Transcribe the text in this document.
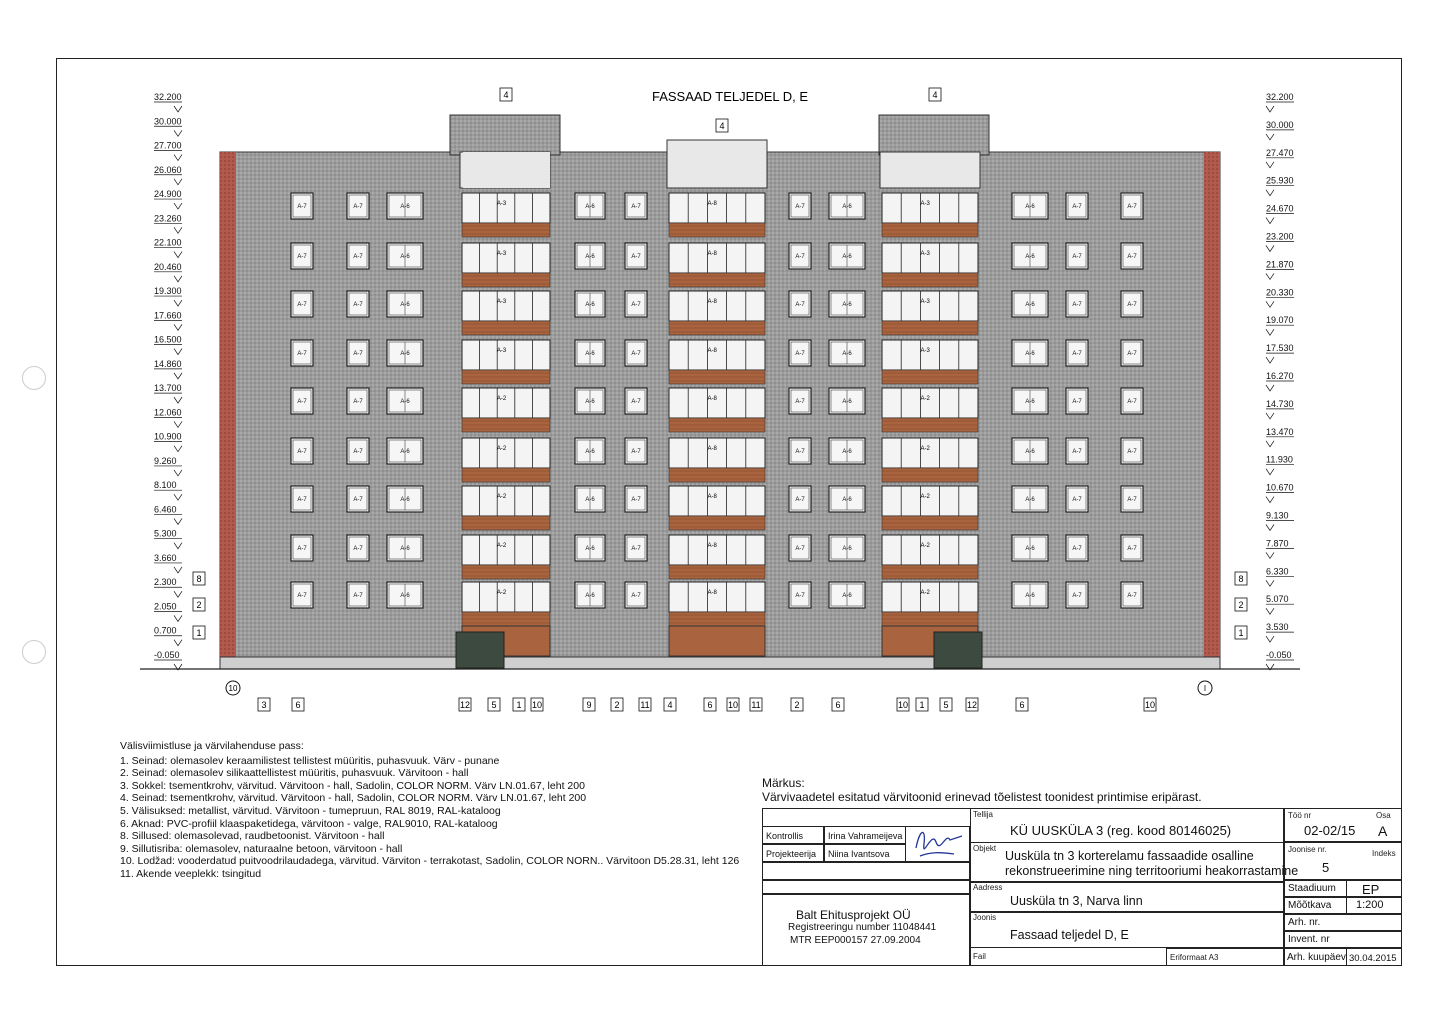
FASSAAD TELJEDEL D, E
A-7	A-7	A-6	A-6	A-7	A-7	A-6	A-6	A-7	A-7
A-3	A-8	A-3
A-7	A-7	A-6	A-6	A-7	A-7	A-6	A-6	A-7	A-7
A-3	A-8	A-3
A-7	A-7	A-6	A-6	A-7	A-7	A-6	A-6	A-7	A-7
A-3	A-8	A-3
A-7	A-7	A-6	A-6	A-7	A-7	A-6	A-6	A-7	A-7
A-3	A-8	A-3
A-7	A-7	A-6	A-6	A-7	A-7	A-6	A-6	A-7	A-7
A-2	A-8	A-2
A-7	A-7	A-6	A-6	A-7	A-7	A-6	A-6	A-7	A-7
A-2	A-8	A-2
A-7	A-7	A-6	A-6	A-7	A-7	A-6	A-6	A-7	A-7
A-2	A-8	A-2
A-7	A-7	A-6	A-6	A-7	A-7	A-6	A-6	A-7	A-7
A-2	A-8	A-2
A-7	A-7	A-6	A-6	A-7	A-7	A-6	A-6	A-7	A-7
A-2	A-8	A-2
32.200
30.000
27.700
26.060
24.900
23.260
22.100
20.460
19.300
17.660
16.500
14.860
13.700
12.060
10.900
9.260
8.100
6.460
5.300
3.660
2.300
2.050
0.700
-0.050
32.200
30.000
27.470
25.930
24.670
23.200
21.870
20.330
19.070
17.530
16.270
14.730
13.470
11.930
10.670
9.130
7.870
6.330
5.070
3.530
-0.050
4
4
4
8
2
1
8
2
1
3	6	12 5 1 10	9	2 11 4	6 10 11	2	6	10 1 5 12	6	10
10	I
Välisviimistluse ja värvilahenduse pass:
1. Seinad: olemasolev keraamilistest tellistest müüritis, puhasvuuk. Värv - punane
2. Seinad: olemasolev silikaattellistest müüritis, puhasvuuk. Värvitoon - hall
3. Sokkel: tsementkrohv, värvitud. Värvitoon - hall, Sadolin, COLOR NORM. Värv LN.01.67, leht 200
4. Seinad: tsementkrohv, värvitud. Värvitoon - hall, Sadolin, COLOR NORM. Värv LN.01.67, leht 200
5. Välisuksed: metallist, värvitud. Värvitoon - tumepruun, RAL 8019, RAL-kataloog
6. Aknad: PVC-profiil klaaspaketidega, värvitoon - valge, RAL9010, RAL-kataloog
8. Sillused: olemasolevad, raudbetoonist. Värvitoon - hall
9. Sillutisriba: olemasolev, naturaalne betoon, värvitoon - hall
10. Lodžad: vooderdatud puitvoodrilaudadega, värvitud. Värviton - terrakotast, Sadolin, COLOR NORN.. Värvitoon D5.28.31, leht 126
11. Akende veeplekk: tsingitud
Märkus:
Värvivaadetel esitatud värvitoonid erinevad tõelistest toonidest printimise eripärast.
Kontrollis	Irina Vahrameijeva
Projekteerija Niina Ivantsova
Balt Ehitusprojekt OÜ
Registreeringu number 11048441
MTR EEP000157 27.09.2004
Tellija
KÜ UUSKÜLA 3 (reg. kood 80146025)
Objekt
Uusküla tn 3 korterelamu fassaadide osalline
rekonstrueerimine ning territooriumi heakorrastamine
Aadress
Uusküla tn 3, Narva linn
Joonis
Fassaad teljedel D, E
Fail	Eriformaat A3
Töö nr	Osa
02-02/15 A
Joonise nr.	Indeks
5
Staadiuum EP
Mõõtkava 1:200
Arh. nr.
Invent. nr
Arh. kuupäev 30.04.2015
